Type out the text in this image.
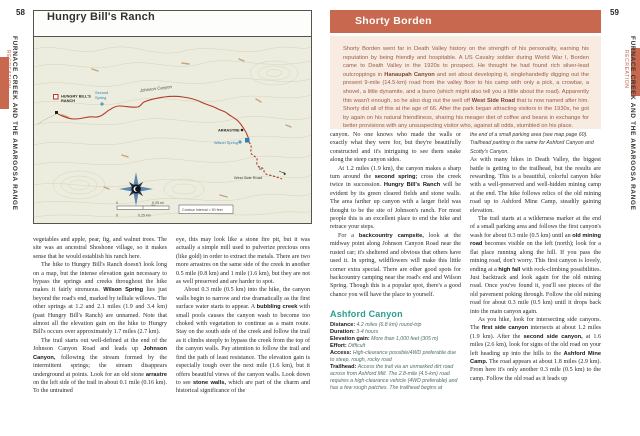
58
RECREATION FURNACE CREEK AND THE AMARGOSA RANGE
Hungry Bill's Ranch
HUNGRY BILL'S
RANCH
Second
Spring
Johnson Canyon
ARRASTRE
Wilson Spring
To
West Side Road
0	0.25 mi
0	0.25 km
Contour Interval = 50 feet

vegetables and apple, pear, fig, and walnut trees. The site was an ancestral Shoshone village, so it makes sense that he would establish his ranch here.

The hike to Hungry Bill's Ranch doesn't look long on a map, but the intense elevation gain necessary to bypass the springs and creeks throughout the hike makes it fairly strenuous. Wilson Spring lies just beyond the road's end, marked by telltale willows. The other springs at 1.2 and 2.1 miles (1.9 and 3.4 km) (past Hungry Bill's Ranch) are unnamed. Note that almost all the elevation gain on the hike to Hungry Bill's occurs over approximately 1.7 miles (2.7 km).

The trail starts out well-defined at the end of the Johnson Canyon Road and leads up Johnson Canyon, following the stream formed by the intermittent springs; the stream disappears underground at points. Look for an old stone arrastre on the left side of the trail in about 0.1 mile (0.16 km). To the untrained

eye, this may look like a stone fire pit, but it was actually a simple mill used to pulverize precious ores (like gold) in order to extract the metals. There are two more arrastres on the same side of the creek in another 0.5 mile (0.8 km) and 1 mile (1.6 km), but they are not as well preserved and are harder to spot.

About 0.3 mile (0.5 km) into the hike, the canyon walls begin to narrow and rise dramatically as the first surface water starts to appear. A bubbling creek with small pools causes the canyon wash to become too choked with vegetation to continue as a main route. Stay on the south side of the creek and follow the trail as it climbs steeply to bypass the creek from the top of the canyon walls. Pay attention to follow the trail and find the path of least resistance. The elevation gain is especially tough over the next mile (1.6 km), but it offers beautiful views of the canyon walls. Look down to see stone walls, which are part of the charm and historical significance of the

Shorty Borden

Shorty Borden went far in Death Valley history on the strength of his personality, earning his reputation by being friendly and hospitable. A US Cavalry soldier during World War I, Borden came to Death Valley in the 1920s to prospect. He thought he had found rich silver-lead outcroppings in Hanaupah Canyon and set about developing it, singlehandedly digging out the present 9-mile (14.5-km) road from the valley floor to his camp with only a pick, a crowbar, a shovel, a little dynamite, and a burro (which might also tell you a little about the road). Apparently this wasn't enough, so he also dug out the well off West Side Road that is now named after him. Shorty did all of this at the age of 66. After the park began attracting visitors in the 1930s, he got by again on his natural friendliness, sharing his meager diet of coffee and beans in exchange for better provisions with any unsuspecting visitor who, against all odds, stumbled on his place.

canyon. No one knows who made the walls or exactly what they were for, but they're beautifully constructed and it's intriguing to see them snake along the steep canyon sides.

At 1.2 miles (1.9 km), the canyon makes a sharp turn around the second spring; cross the creek twice in succession. Hungry Bill's Ranch will be evident by its green cleared fields and stone walls. The area farther up canyon with a larger field was thought to be the site of Johnson's ranch. For most people this is an excellent place to end the hike and retrace your steps.

For a backcountry campsite, look at the midway point along Johnson Canyon Road near the rusted car; it's sheltered and obvious that others have used it. In spring, wildflowers will make this little corner extra special. There are other good spots for backcountry camping near the road's end and Wilson Spring. Though this is a popular spot, there's a good chance you will have the place to yourself.

Ashford Canyon
Distance: 4.2 miles (6.8 km) round-trip
Duration: 3-4 hours
Elevation gain: More than 1,000 feet (305 m)
Effort: Difficult
Access: High-clearance possible/4WD preferable due to steep, rough, rocky road
Trailhead: Access the trail via an unmarked dirt road across from Ashford Mill. The 2.8-mile (4.5-km) road requires a high-clearance vehicle (4WD preferable) and has a few rough patches. The trailhead begins at

the end of a small parking area (see map page 60). Trailhead parking is the same for Ashford Canyon and Scotty's Canyon.

As with many hikes in Death Valley, the biggest battle is getting to the trailhead, but the results are rewarding. This is a beautiful, colorful canyon hike with a well-preserved and well-hidden mining camp at the end. The hike follows relics of the old mining road up to Ashford Mine Camp, steadily gaining elevation.

The trail starts at a wilderness marker at the end of a small parking area and follows the first canyon's wash for about 0.3 mile (0.5 km) until an old mining road becomes visible on the left (north); look for a flat place running along the hill. If you pass the mining road, don't worry. This first canyon is lovely, ending at a high fall with rock-climbing possibilities. Just backtrack and look again for the old mining road. Once you've found it, you'll see pieces of the old pavement poking through. Follow the old mining road for about 0.3 mile (0.5 km) until it drops back into the main canyon again.

As you hike, look for intersecting side canyons. The first side canyon intersects at about 1.2 miles (1.9 km). After the second side canyon, at 1.6 miles (2.6 km), look for signs of the old road on your left heading up into the hills to the Ashford Mine Camp. The road appears at about 1.8 miles (2.9 km). From here it's only another 0.3 mile (0.5 km) to the camp. Follow the old road as it leads up

59
RECREATION FURNACE CREEK AND THE AMARGOSA RANGE
